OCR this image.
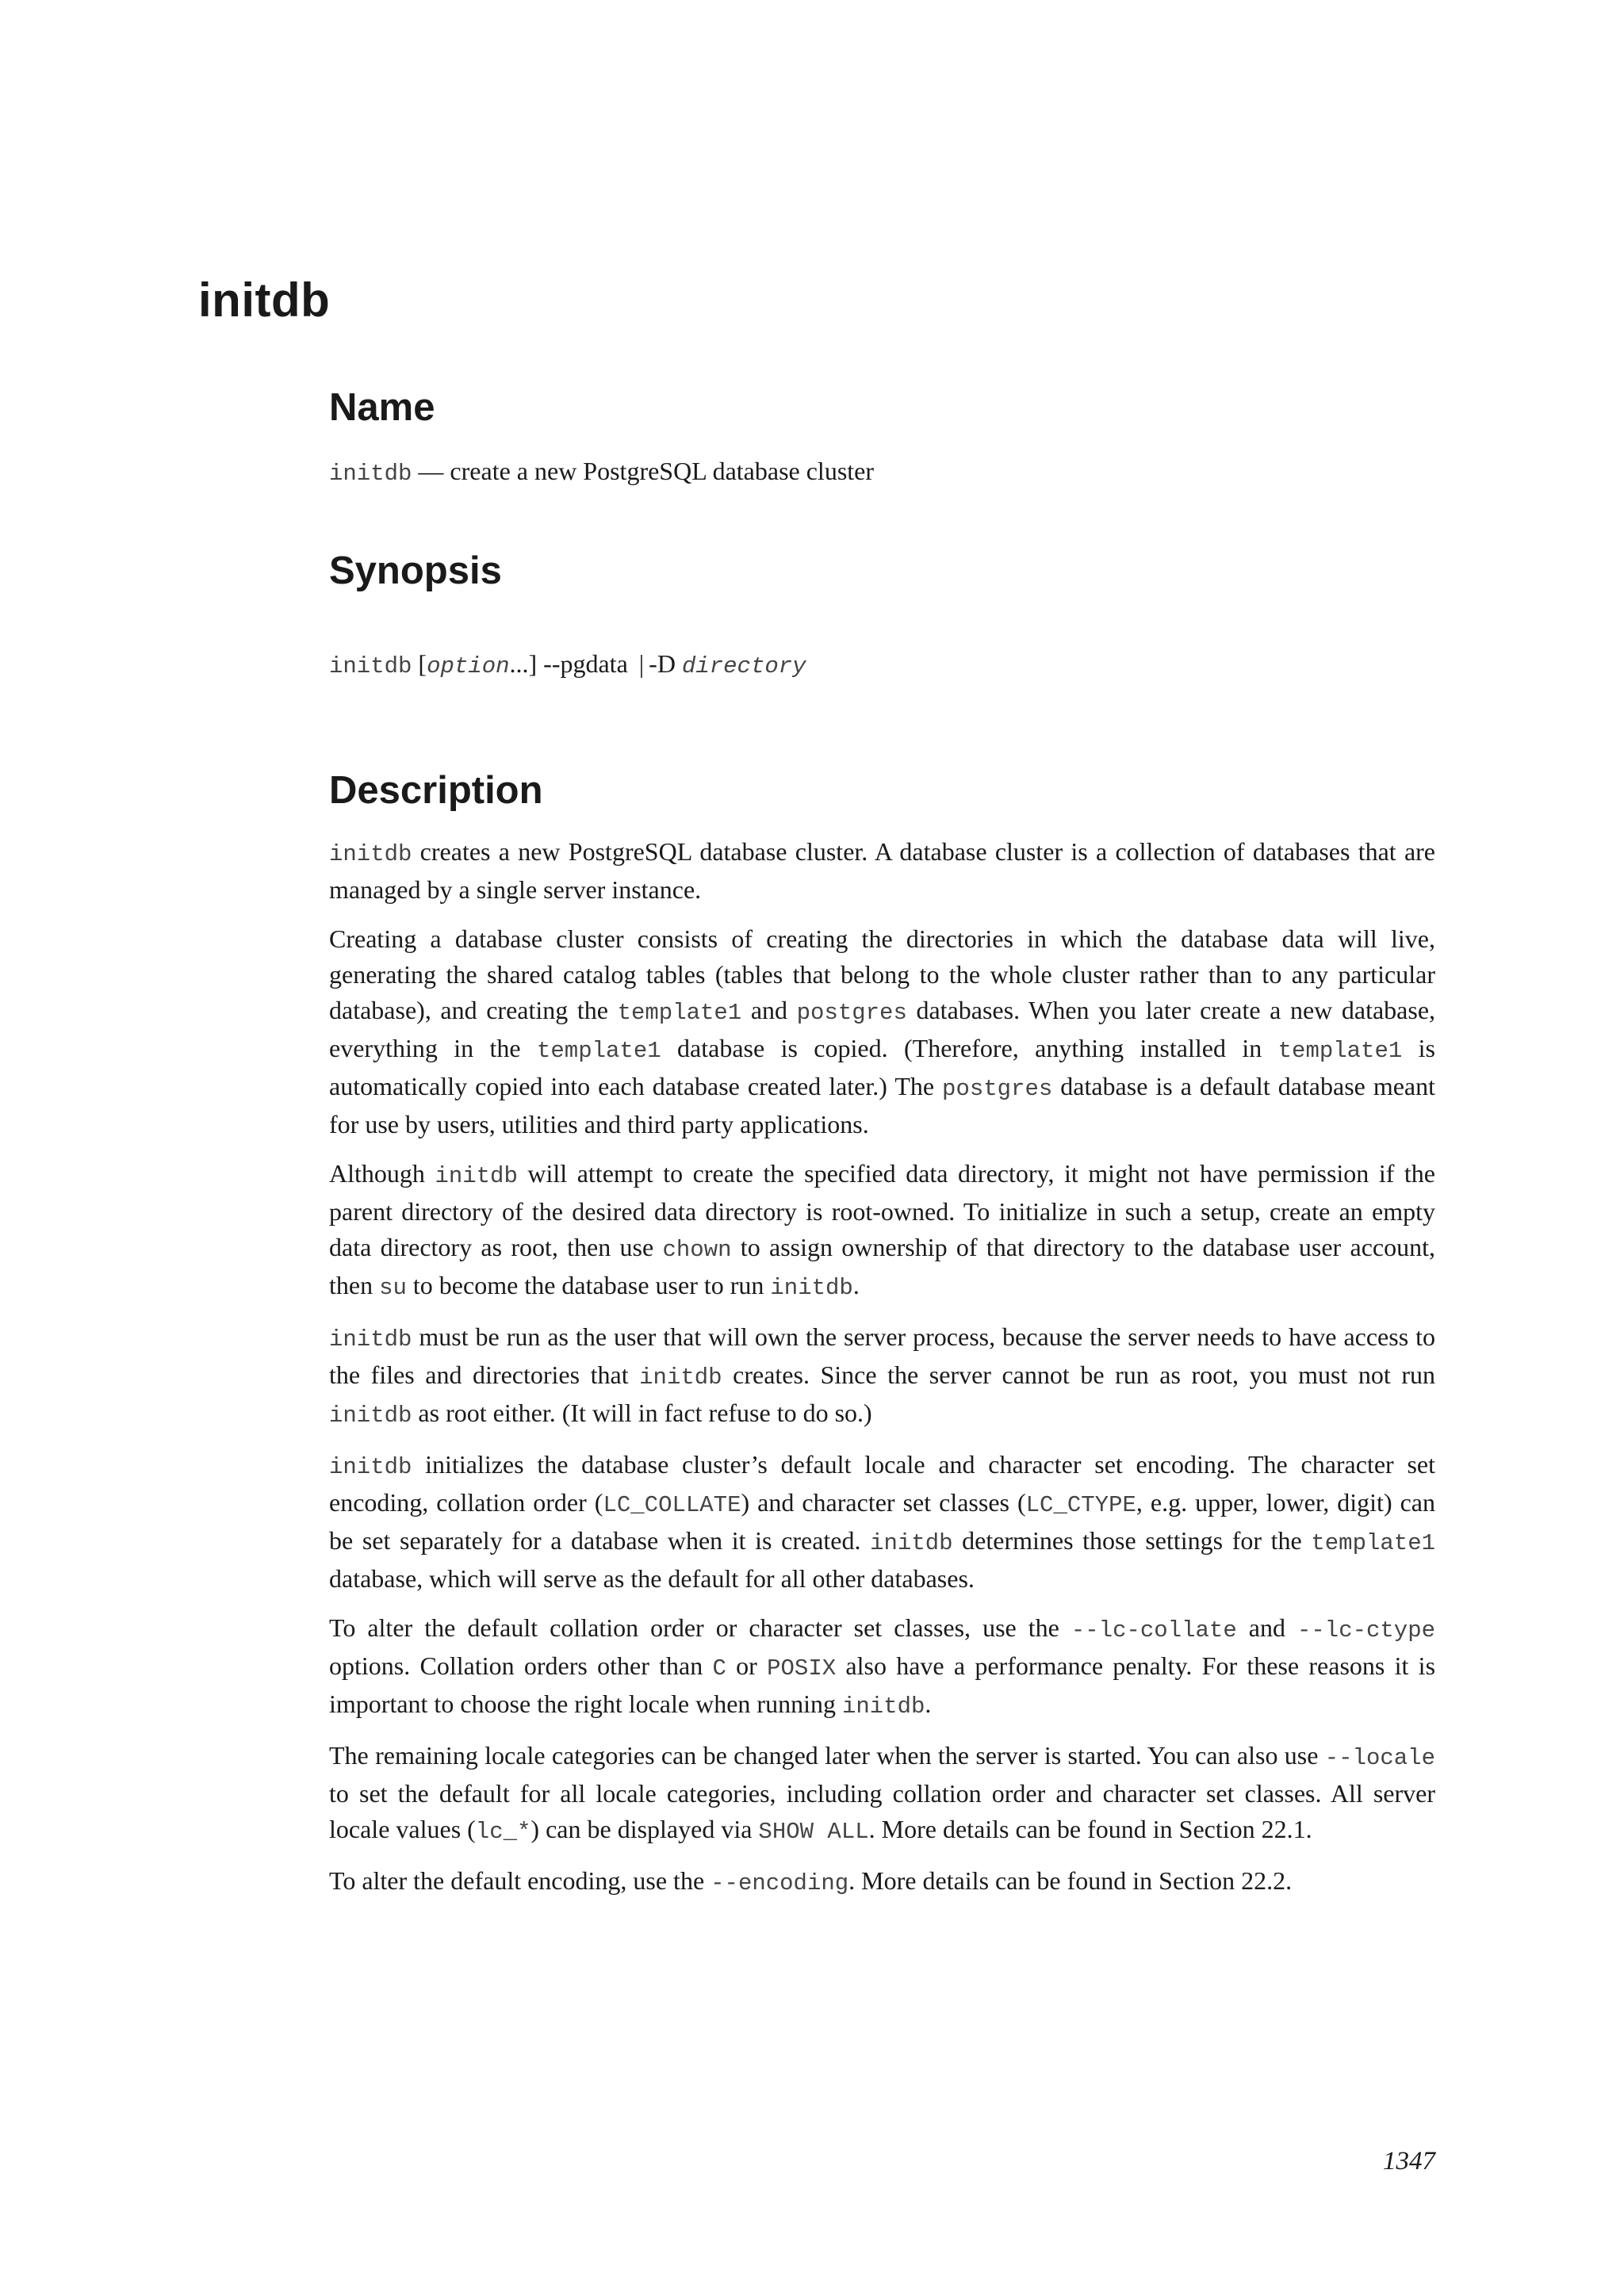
initdb
Name

initdb — create a new PostgreSQL database cluster

Synopsis

initdb [option...] --pgdata | -D directory

Description

initdb creates a new PostgreSQL database cluster. A database cluster is a collection of databases that are managed by a single server instance.

Creating a database cluster consists of creating the directories in which the database data will live, generating the shared catalog tables (tables that belong to the whole cluster rather than to any particular database), and creating the template1 and postgres databases. When you later create a new database, everything in the template1 database is copied. (Therefore, anything installed in template1 is automatically copied into each database created later.) The postgres database is a default database meant for use by users, utilities and third party applications.

Although initdb will attempt to create the specified data directory, it might not have permission if the parent directory of the desired data directory is root-owned. To initialize in such a setup, create an empty data directory as root, then use chown to assign ownership of that directory to the database user account, then su to become the database user to run initdb.

initdb must be run as the user that will own the server process, because the server needs to have access to the files and directories that initdb creates. Since the server cannot be run as root, you must not run initdb as root either. (It will in fact refuse to do so.)

initdb initializes the database cluster’s default locale and character set encoding. The character set encoding, collation order (LC_COLLATE) and character set classes (LC_CTYPE, e.g. upper, lower, digit) can be set separately for a database when it is created. initdb determines those settings for the template1 database, which will serve as the default for all other databases.

To alter the default collation order or character set classes, use the --lc-collate and --lc-ctype options. Collation orders other than C or POSIX also have a performance penalty. For these reasons it is important to choose the right locale when running initdb.

The remaining locale categories can be changed later when the server is started. You can also use --locale to set the default for all locale categories, including collation order and character set classes. All server locale values (lc_*) can be displayed via SHOW ALL. More details can be found in Section 22.1.

To alter the default encoding, use the --encoding. More details can be found in Section 22.2.

1347
